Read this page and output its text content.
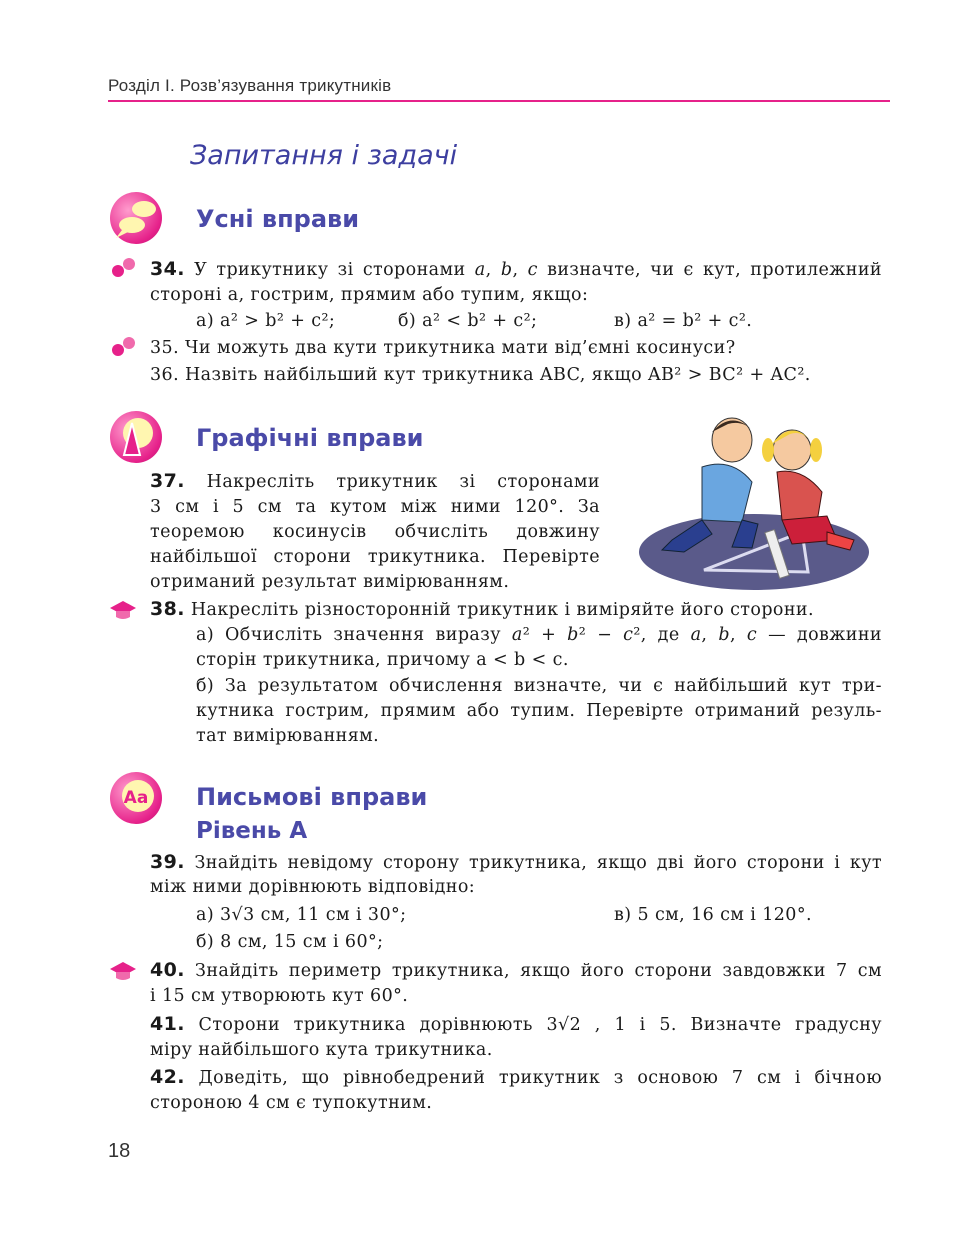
Розділ І. Розв’язування трикутників
Запитання і задачі
Усні вправи
34. У трикутнику зі сторонами a, b, c визначте, чи є кут, протилежний
стороні a, гострим, прямим або тупим, якщо:
а) a² > b² + c²;	б) a² < b² + c²;	в) a² = b² + c².
35. Чи можуть два кути трикутника мати від’ємні косинуси?
36. Назвіть найбільший кут трикутника ABC, якщо AB² > BC² + AC².
Графічні вправи
37. Накресліть трикутник зі сторонами
3 см і 5 см та кутом між ними 120°. За
теоремою косинусів обчисліть довжину
найбільшої сторони трикутника. Перевірте
отриманий результат вимірюванням.
38. Накресліть різносторонній трикутник і виміряйте його сторони.
а) Обчисліть значення виразу a² + b² − c², де a, b, c — довжини
сторін трикутника, причому a < b < c.
б) За результатом обчислення визначте, чи є найбільший кут три-
кутника гострим, прямим або тупим. Перевірте отриманий резуль-
тат вимірюванням.
Aa Письмові вправи
Рівень А
39. Знайдіть невідому сторону трикутника, якщо дві його сторони і кут
між ними дорівнюють відповідно:
а) 3√3 см, 11 см і 30°;	в) 5 см, 16 см і 120°.
б) 8 см, 15 см і 60°;
40. Знайдіть периметр трикутника, якщо його сторони завдовжки 7 см
і 15 см утворюють кут 60°.
41. Сторони трикутника дорівнюють 3√2 , 1 і 5. Визначте градусну
міру найбільшого кута трикутника.
42. Доведіть, що рівнобедрений трикутник з основою 7 см і бічною
стороною 4 см є тупокутним.
18
